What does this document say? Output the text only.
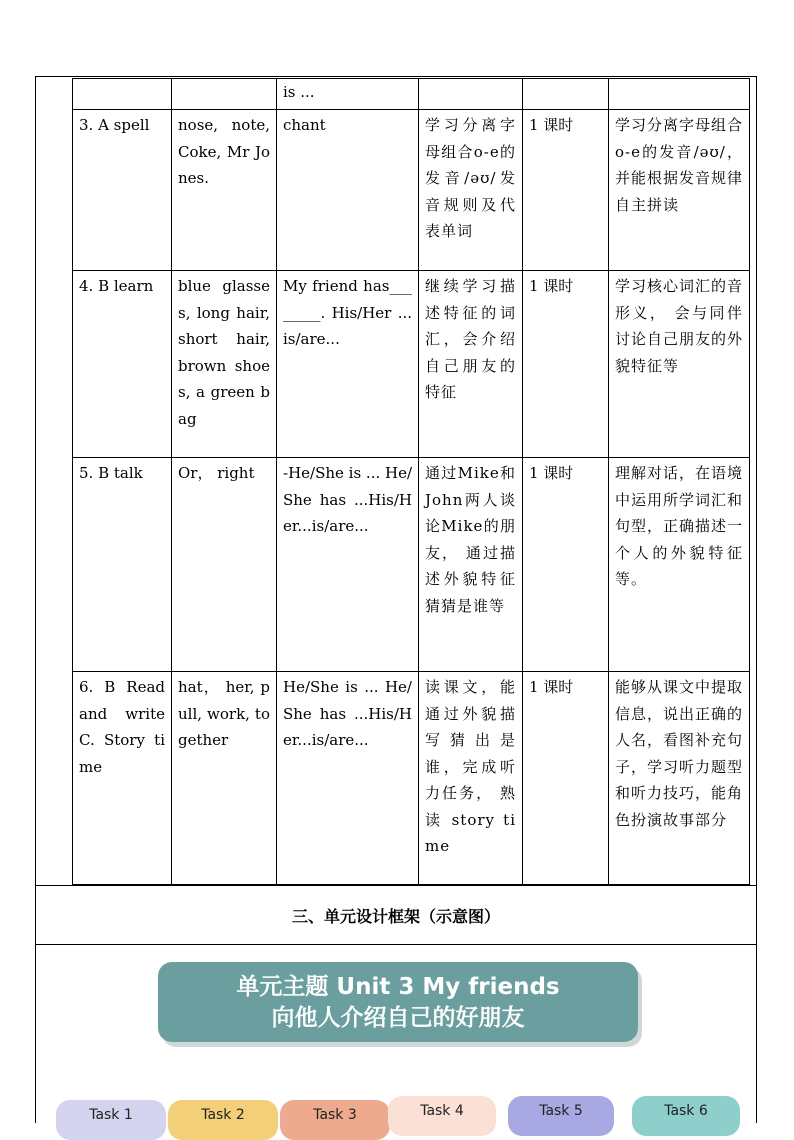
		is ...			
3. A spell	nose, note, Coke, Mr Jones.	chant	学习分离字母组合o-e的发音/əʊ/发音规则及代表单词	1 课时	学习分离字母组合o-e的发音/əʊ/，并能根据发音规律自主拼读
4. B learn	blue glasses, long hair, short hair, brown shoes, a green bag	My friend has________. His/Her ...is/are...	继续学习描述特征的词汇，会介绍自己朋友的特征	1 课时	学习核心词汇的音形义， 会与同伴讨论自己朋友的外貌特征等
5. B talk	Or， right	-He/She is ... He/She has ...His/Her...is/are...	通过Mike和John两人谈论Mike的朋友， 通过描述外貌特征猜猜是谁等	1 课时	理解对话，在语境中运用所学词汇和句型，正确描述一个人的外貌特征等。
6. B Read and write C. Story time	hat， her, pull, work, together	He/She is ... He/She has ...His/Her...is/are...	读课文，能通过外貌描写猜出是谁，完成听力任务， 熟读 story time	1 课时	能够从课文中提取信息，说出正确的人名，看图补充句子，学习听力题型和听力技巧，能角色扮演故事部分
三、单元设计框架（示意图）
单元主题 Unit 3 My friends
向他人介绍自己的好朋友
Task 1	Task 2	Task 3	Task 4	Task 5	Task 6
